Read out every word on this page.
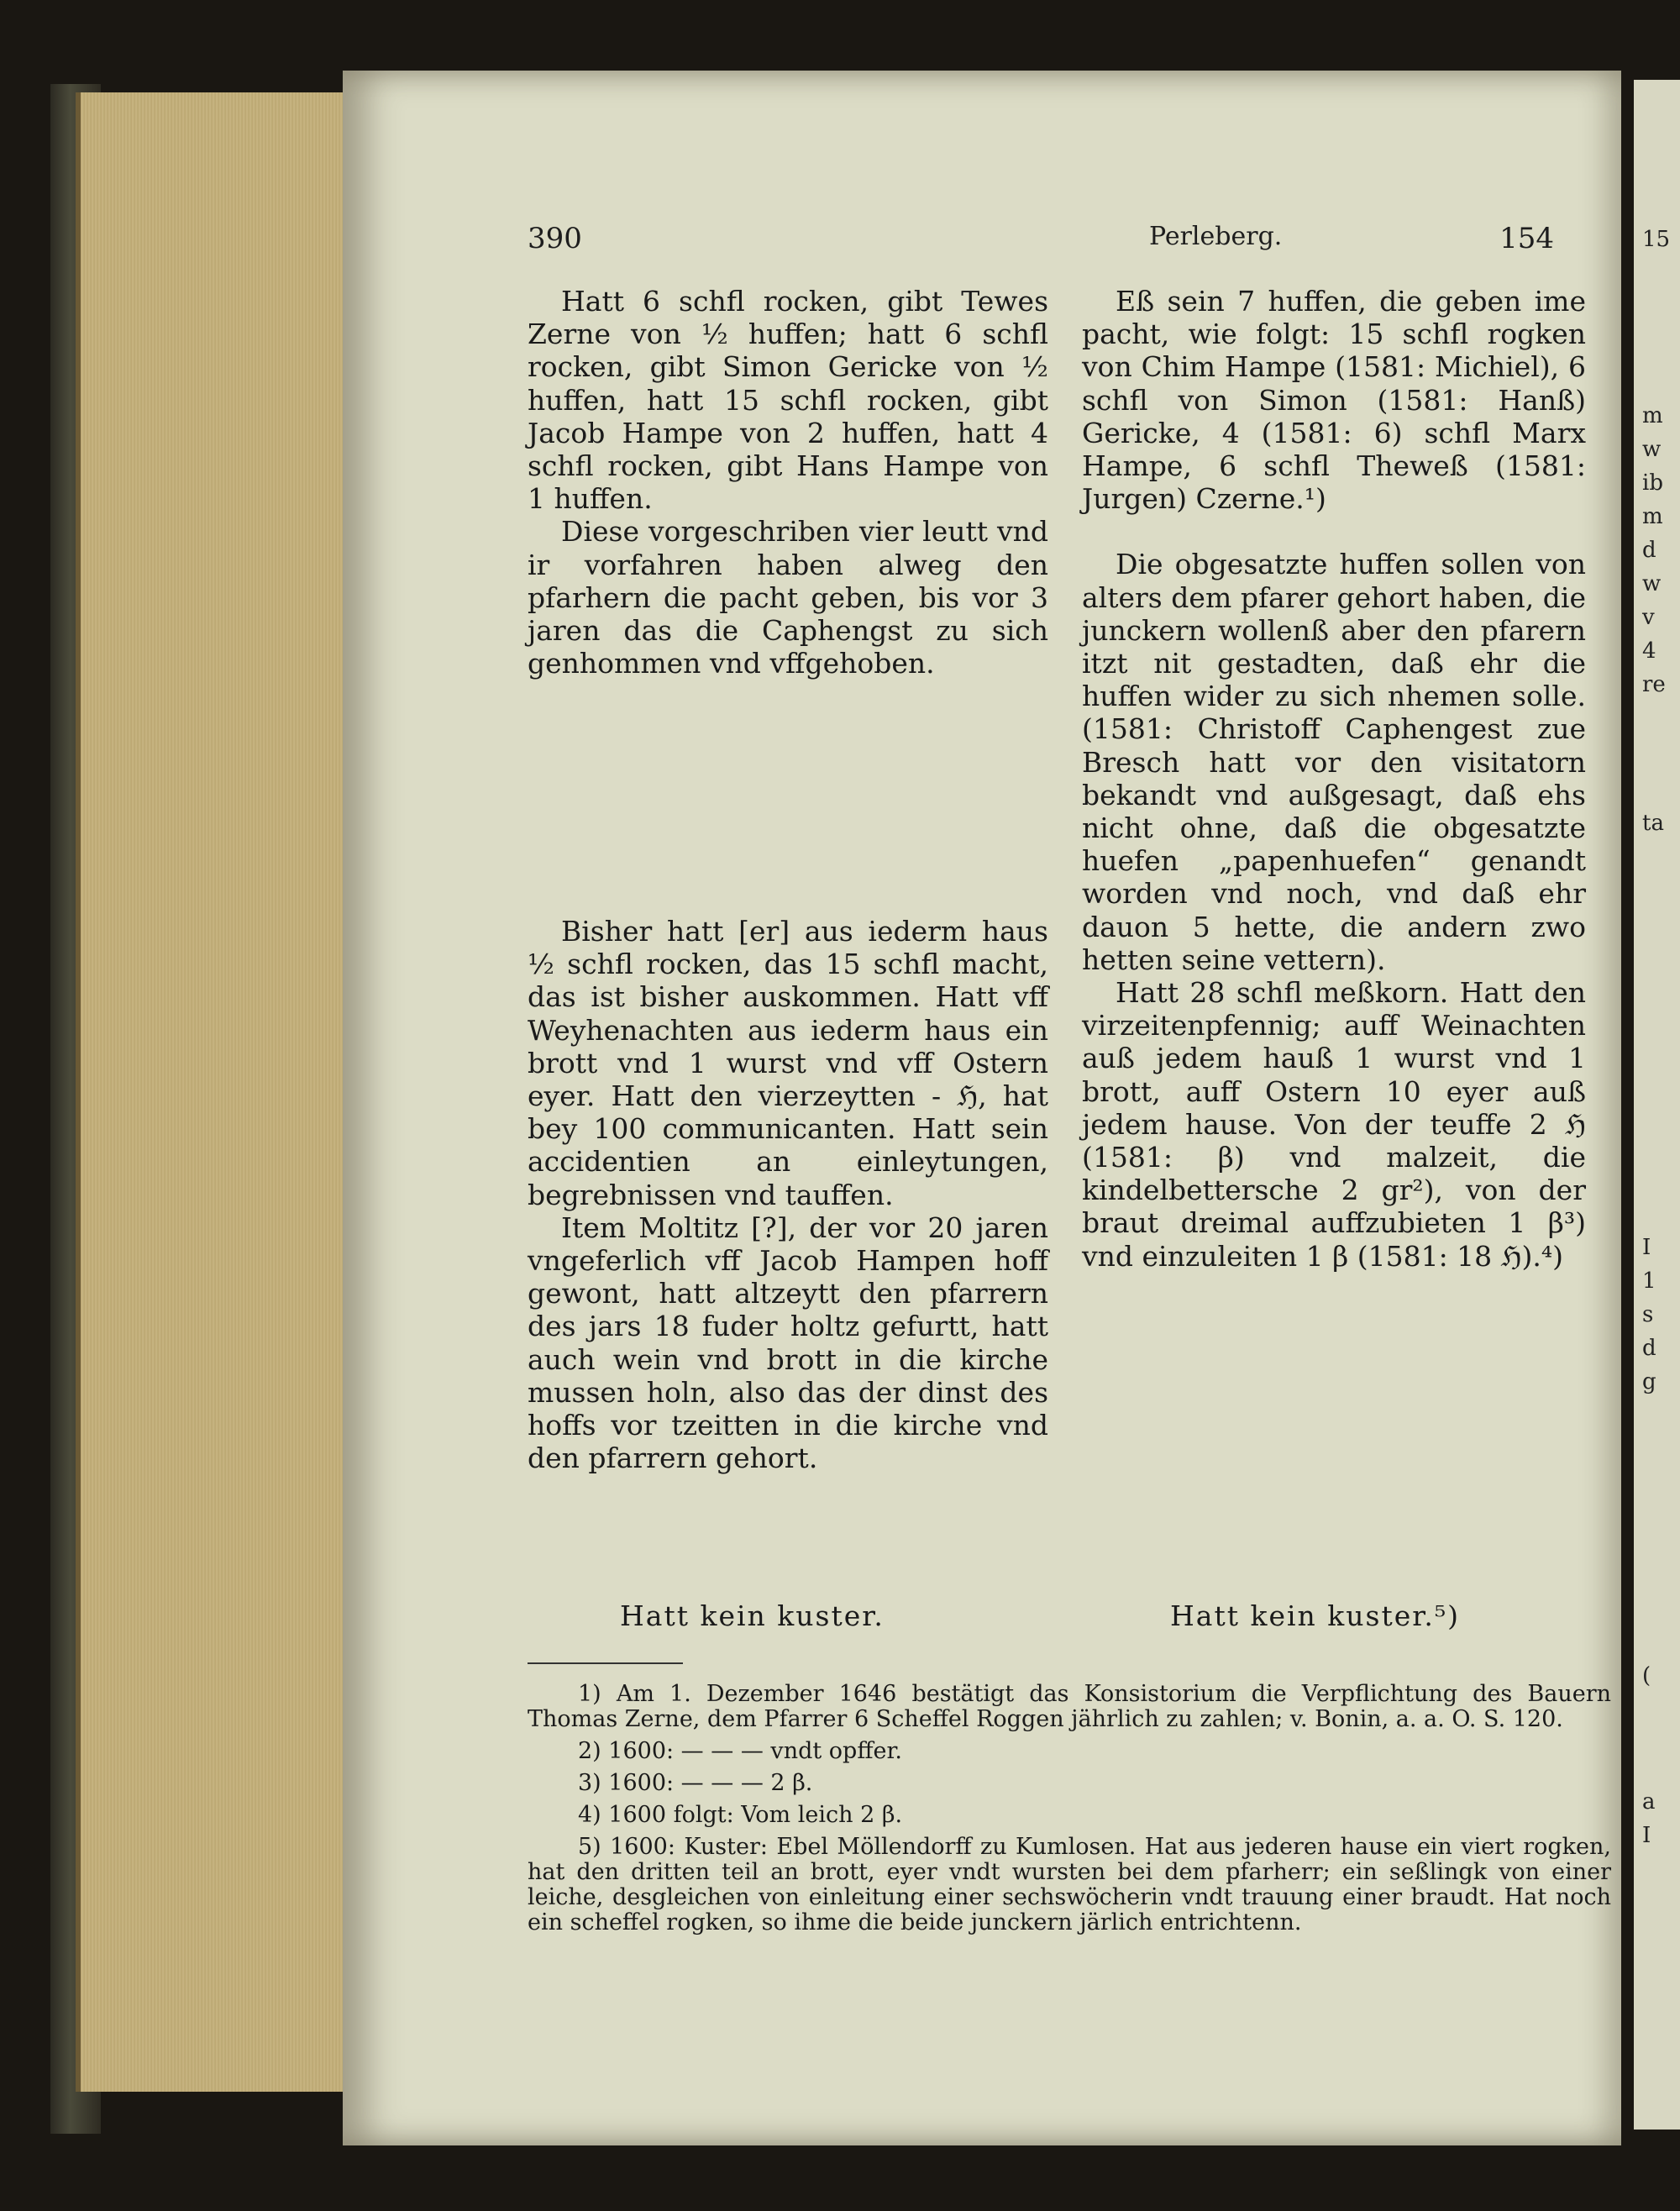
390	Perleberg.	154

Hatt 6 schfl rocken, gibt Tewes Zerne von ½ huffen; hatt 6 schfl rocken, gibt Simon Gericke von ½ huffen, hatt 15 schfl rocken, gibt Jacob Hampe von 2 huffen, hatt 4 schfl rocken, gibt Hans Hampe von 1 huffen.

Diese vorgeschriben vier leutt vnd ir vorfahren haben alweg den pfarhern die pacht geben, bis vor 3 jaren das die Caphengst zu sich genhommen vnd vffgehoben.

Bisher hatt [er] aus iederm haus ½ schfl rocken, das 15 schfl macht, das ist bisher auskommen. Hatt vff Weyhenachten aus iederm haus ein brott vnd 1 wurst vnd vff Ostern eyer. Hatt den vierzeytten - ℌ, hat bey 100 communicanten. Hatt sein accidentien an einleytungen, begrebnissen vnd tauffen.

Item Moltitz [?], der vor 20 jaren vngeferlich vff Jacob Hampen hoff gewont, hatt altzeytt den pfarrern des jars 18 fuder holtz gefurtt, hatt auch wein vnd brott in die kirche mussen holn, also das der dinst des hoffs vor tzeitten in die kirche vnd den pfarrern gehort.

Eß sein 7 huffen, die geben ime pacht, wie folgt: 15 schfl rogken von Chim Hampe (1581: Michiel), 6 schfl von Simon (1581: Hanß) Gericke, 4 (1581: 6) schfl Marx Hampe, 6 schfl Theweß (1581: Jurgen) Czerne.¹)

Die obgesatzte huffen sollen von alters dem pfarer gehort haben, die junckern wollenß aber den pfarern itzt nit gestadten, daß ehr die huffen wider zu sich nhemen solle. (1581: Christoff Caphengest zue Bresch hatt vor den visitatorn bekandt vnd außgesagt, daß ehs nicht ohne, daß die obgesatzte huefen „papenhuefen“ genandt worden vnd noch, vnd daß ehr dauon 5 hette, die andern zwo hetten seine vettern).

Hatt 28 schfl meßkorn. Hatt den virzeitenpfennig; auff Weinachten auß jedem hauß 1 wurst vnd 1 brott, auff Ostern 10 eyer auß jedem hause. Von der teuffe 2 ℌ (1581: β) vnd malzeit, die kindelbettersche 2 gr²), von der braut dreimal auffzubieten 1 β³) vnd einzuleiten 1 β (1581: 18 ℌ).⁴)

Hatt kein kuster.	Hatt kein kuster.⁵)

1) Am 1. Dezember 1646 bestätigt das Konsistorium die Verpflichtung des Bauern Thomas Zerne, dem Pfarrer 6 Scheffel Roggen jährlich zu zahlen; v. Bonin, a. a. O. S. 120.

2) 1600: — — — vndt opffer.

3) 1600: — — — 2 β.

4) 1600 folgt: Vom leich 2 β.

5) 1600: Kuster: Ebel Möllendorff zu Kumlosen. Hat aus jederen hause ein viert rogken, hat den dritten teil an brott, eyer vndt wursten bei dem pfarherr; ein seßlingk von einer leiche, desgleichen von einleitung einer sechswöcherin vndt trauung einer braudt. Hat noch ein scheffel rogken, so ihme die beide junckern järlich entrichtenn.

15
m
w
ib
m
d
w
v
4
re
ta
I
1
s
d
g
(
a
I
